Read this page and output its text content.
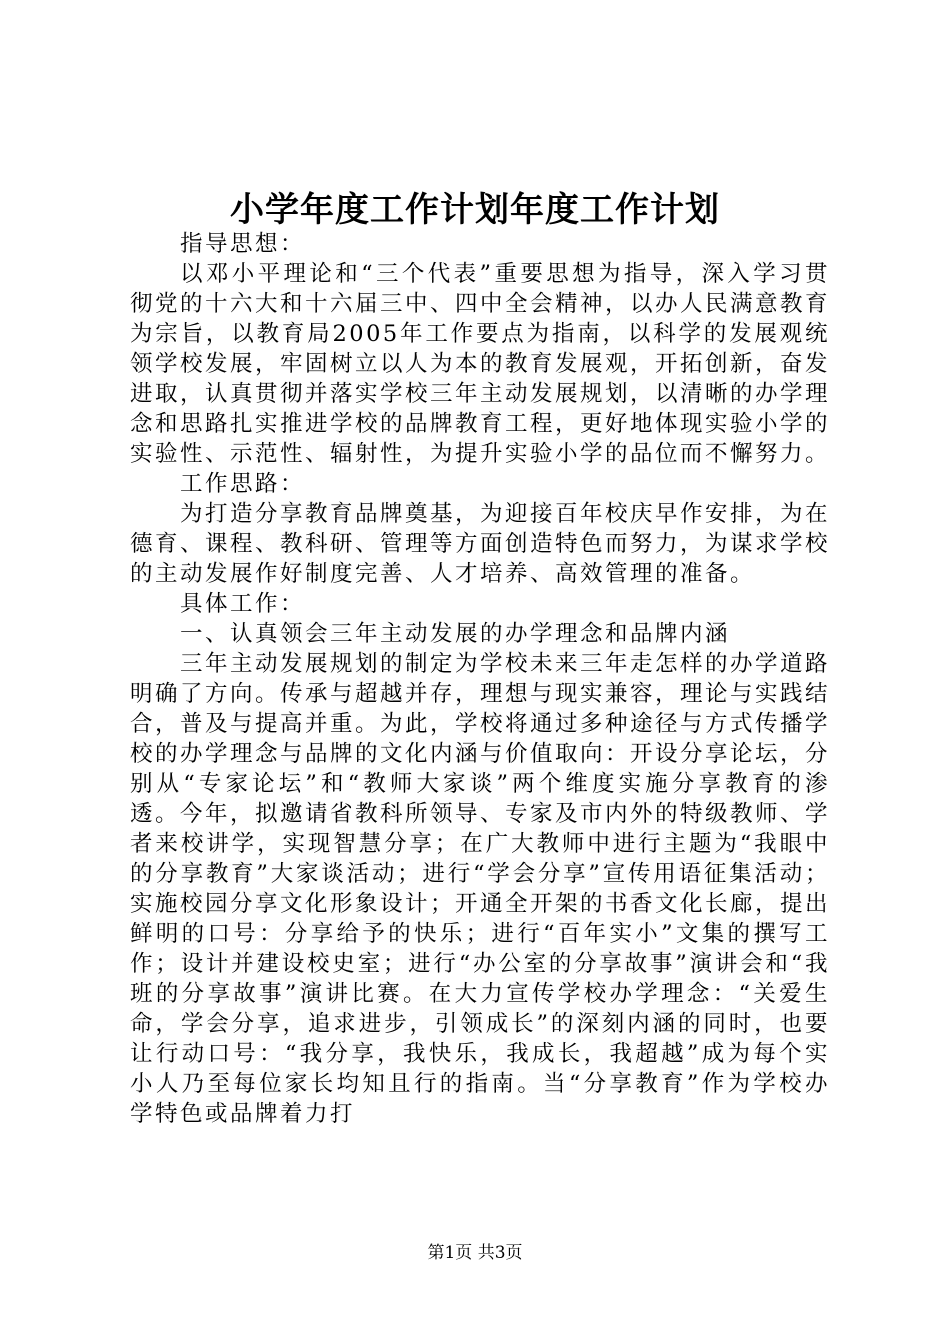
小学年度工作计划年度工作计划

指导思想：

以邓小平理论和“三个代表”重要思想为指导，深入学习贯彻党的十六大和十六届三中、四中全会精神，以办人民满意教育为宗旨，以教育局2005年工作要点为指南，以科学的发展观统领学校发展，牢固树立以人为本的教育发展观，开拓创新，奋发进取，认真贯彻并落实学校三年主动发展规划，以清晰的办学理念和思路扎实推进学校的品牌教育工程，更好地体现实验小学的实验性、示范性、辐射性，为提升实验小学的品位而不懈努力。

工作思路：

为打造分享教育品牌奠基，为迎接百年校庆早作安排，为在德育、课程、教科研、管理等方面创造特色而努力，为谋求学校的主动发展作好制度完善、人才培养、高效管理的准备。

具体工作：

一、认真领会三年主动发展的办学理念和品牌内涵

三年主动发展规划的制定为学校未来三年走怎样的办学道路明确了方向。传承与超越并存，理想与现实兼容，理论与实践结合，普及与提高并重。为此，学校将通过多种途径与方式传播学校的办学理念与品牌的文化内涵与价值取向：开设分享论坛，分别从“专家论坛”和“教师大家谈”两个维度实施分享教育的渗透。今年，拟邀请省教科所领导、专家及市内外的特级教师、学者来校讲学，实现智慧分享；在广大教师中进行主题为“我眼中的分享教育”大家谈活动；进行“学会分享”宣传用语征集活动；实施校园分享文化形象设计；开通全开架的书香文化长廊，提出鲜明的口号：分享给予的快乐；进行“百年实小”文集的撰写工作；设计并建设校史室；进行“办公室的分享故事”演讲会和“我班的分享故事”演讲比赛。在大力宣传学校办学理念：“关爱生命，学会分享，追求进步，引领成长”的深刻内涵的同时，也要让行动口号：“我分享，我快乐，我成长，我超越”成为每个实小人乃至每位家长均知且行的指南。当“分享教育”作为学校办学特色或品牌着力打

第1页 共3页
